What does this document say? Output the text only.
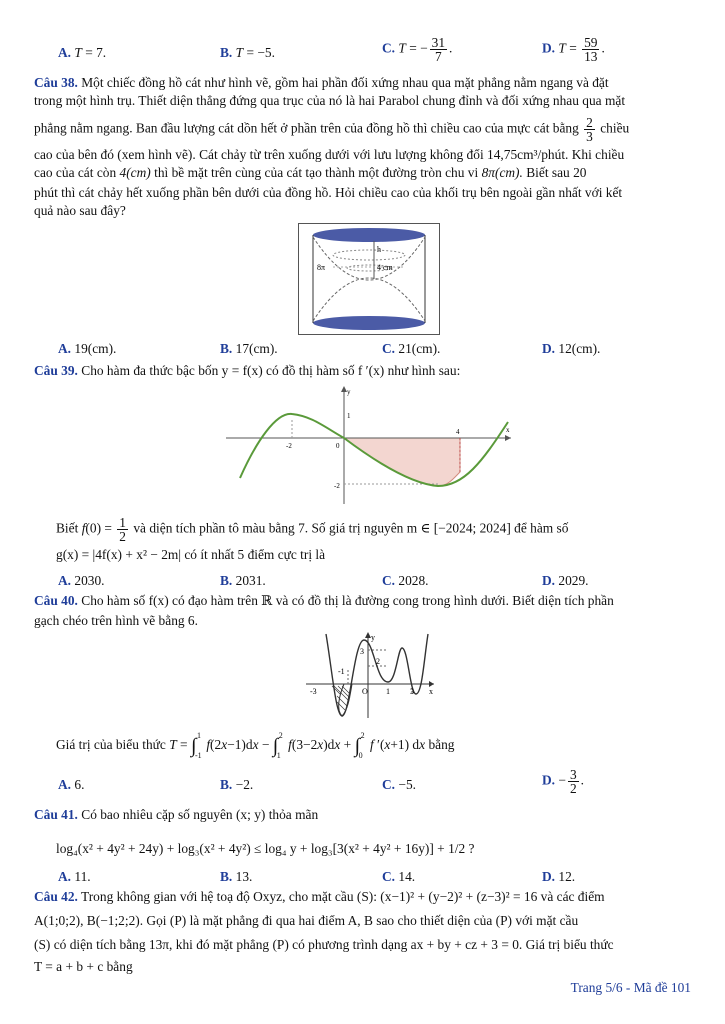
A. T = 7.	B. T = −5.	C. T = − $\frac{31}{7}$ .	D. $T = \frac{59}{13}$ .
Câu 38. Một chiếc đồng hồ cát như hình vẽ, gồm hai phần đối xứng nhau qua mặt phẳng nằm ngang và đặt
trong một hình trụ. Thiết diện thẳng đứng qua trục của nó là hai Parabol chung đỉnh và đối xứng nhau qua mặt
phẳng nằm ngang. Ban đầu lượng cát dồn hết ở phần trên của đồng hồ thì chiều cao của mực cát bằng $\frac{2}{3}$ chiều
cao của bên đó (xem hình vẽ). Cát chảy từ trên xuống dưới với lưu lượng không đổi 14,75cm³/phút. Khi chiều
cao của cát còn 4(cm) thì bề mặt trên cùng của cát tạo thành một đường tròn chu vi 8π(cm). Biết sau 20
phút thì cát chảy hết xuống phần bên dưới của đồng hồ. Hỏi chiều cao của khối trụ bên ngoài gần nhất với kết
quả nào sau đây?
h
4 cm
8π
A. 19(cm).	B. 17(cm).	C. 21(cm).	D. 12(cm).
Câu 39. Cho hàm đa thức bậc bốn y = f(x) có đồ thị hàm số f ′(x) như hình sau:
y
x
-2	0
4
1
-2
Biết $f(0) = \frac{1}{2}$ và diện tích phần tô màu bằng 7. Số giá trị nguyên m ∈ [−2024; 2024] để hàm số
g(x) = |4f(x) + x² − 2m| có ít nhất 5 điểm cực trị là
A. 2030.	B. 2031.	C. 2028.	D. 2029.
Câu 40. Cho hàm số f(x) có đạo hàm trên ℝ và có đồ thị là đường cong trong hình dưới. Biết diện tích phần
gạch chéo trên hình vẽ bằng 6.
y
x
O
-3
-1
1	3
3
2
Giá trị của biểu thức T = ∫ 1
-1
f(2x−1)dx − ∫ 2
1
f(3−2x)dx + ∫ 2
0
f ′(x+1) dx bằng
A. 6.	B. −2.	C. −5.	D. − $\frac{3}{2}$ .
Câu 41. Có bao nhiêu cặp số nguyên (x; y) thỏa mãn
log₄(x² + 4y² + 24y) + log₃(x² + 4y²) ≤ log₄ y + log₃[3(x² + 4y² + 16y)] + 1/2 ?
A. 11.	B. 13.	C. 14.	D. 12.
Câu 42. Trong không gian với hệ toạ độ Oxyz, cho mặt cầu (S): (x−1)² + (y−2)² + (z−3)² = 16 và các điểm
A(1;0;2), B(−1;2;2). Gọi (P) là mặt phẳng đi qua hai điểm A, B sao cho thiết diện của (P) với mặt cầu
(S) có diện tích bằng 13π, khi đó mặt phẳng (P) có phương trình dạng ax + by + cz + 3 = 0. Giá trị biểu thức
T = a + b + c bằng
Trang 5/6 - Mã đề 101
